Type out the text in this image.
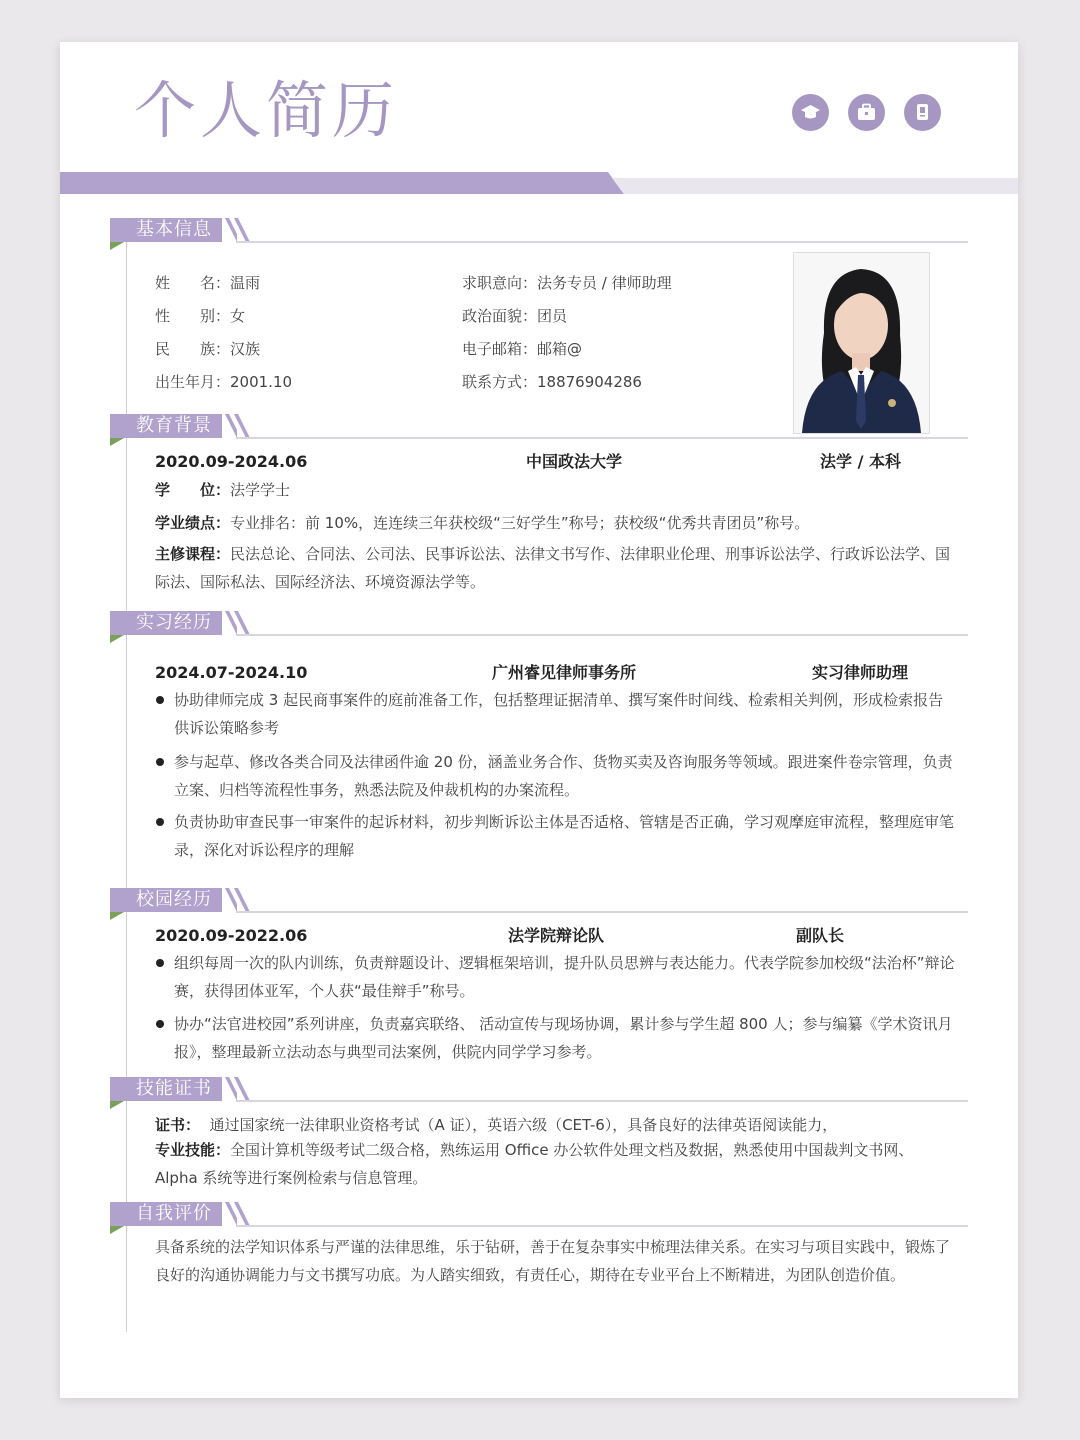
个人简历
基本信息
姓　　名：温雨
性　　别：女
民　　族：汉族
出生年月：2001.10
求职意向：法务专员 / 律师助理
政治面貌：团员
电子邮箱：邮箱@
联系方式：18876904286
教育背景
2020.09-2024.06	中国政法大学	法学 / 本科
学　　位：法学学士
学业绩点：专业排名：前 10%，连连续三年获校级“三好学生”称号；获校级“优秀共青团员”称号。
主修课程：民法总论、合同法、公司法、民事诉讼法、法律文书写作、法律职业伦理、刑事诉讼法学、行政诉讼法学、国际法、国际私法、国际经济法、环境资源法学等。
实习经历
2024.07-2024.10	广州睿见律师事务所	实习律师助理
协助律师完成 3 起民商事案件的庭前准备工作，包括整理证据清单、撰写案件时间线、检索相关判例，形成检索报告供诉讼策略参考
参与起草、修改各类合同及法律函件逾 20 份，涵盖业务合作、货物买卖及咨询服务等领域。跟进案件卷宗管理，负责立案、归档等流程性事务，熟悉法院及仲裁机构的办案流程。
负责协助审查民事一审案件的起诉材料，初步判断诉讼主体是否适格、管辖是否正确，学习观摩庭审流程，整理庭审笔录，深化对诉讼程序的理解
校园经历
2020.09-2022.06	法学院辩论队	副队长
组织每周一次的队内训练，负责辩题设计、逻辑框架培训，提升队员思辨与表达能力。代表学院参加校级“法治杯”辩论赛，获得团体亚军，个人获“最佳辩手”称号。
协办“法官进校园”系列讲座，负责嘉宾联络、 活动宣传与现场协调，累计参与学生超 800 人；参与编纂《学术资讯月报》，整理最新立法动态与典型司法案例，供院内同学学习参考。
技能证书
证书：  通过国家统一法律职业资格考试（A 证），英语六级（CET-6），具备良好的法律英语阅读能力，
专业技能：全国计算机等级考试二级合格，熟练运用 Office 办公软件处理文档及数据，熟悉使用中国裁判文书网、Alpha 系统等进行案例检索与信息管理。
自我评价
具备系统的法学知识体系与严谨的法律思维，乐于钻研，善于在复杂事实中梳理法律关系。在实习与项目实践中，锻炼了良好的沟通协调能力与文书撰写功底。为人踏实细致，有责任心，期待在专业平台上不断精进，为团队创造价值。
